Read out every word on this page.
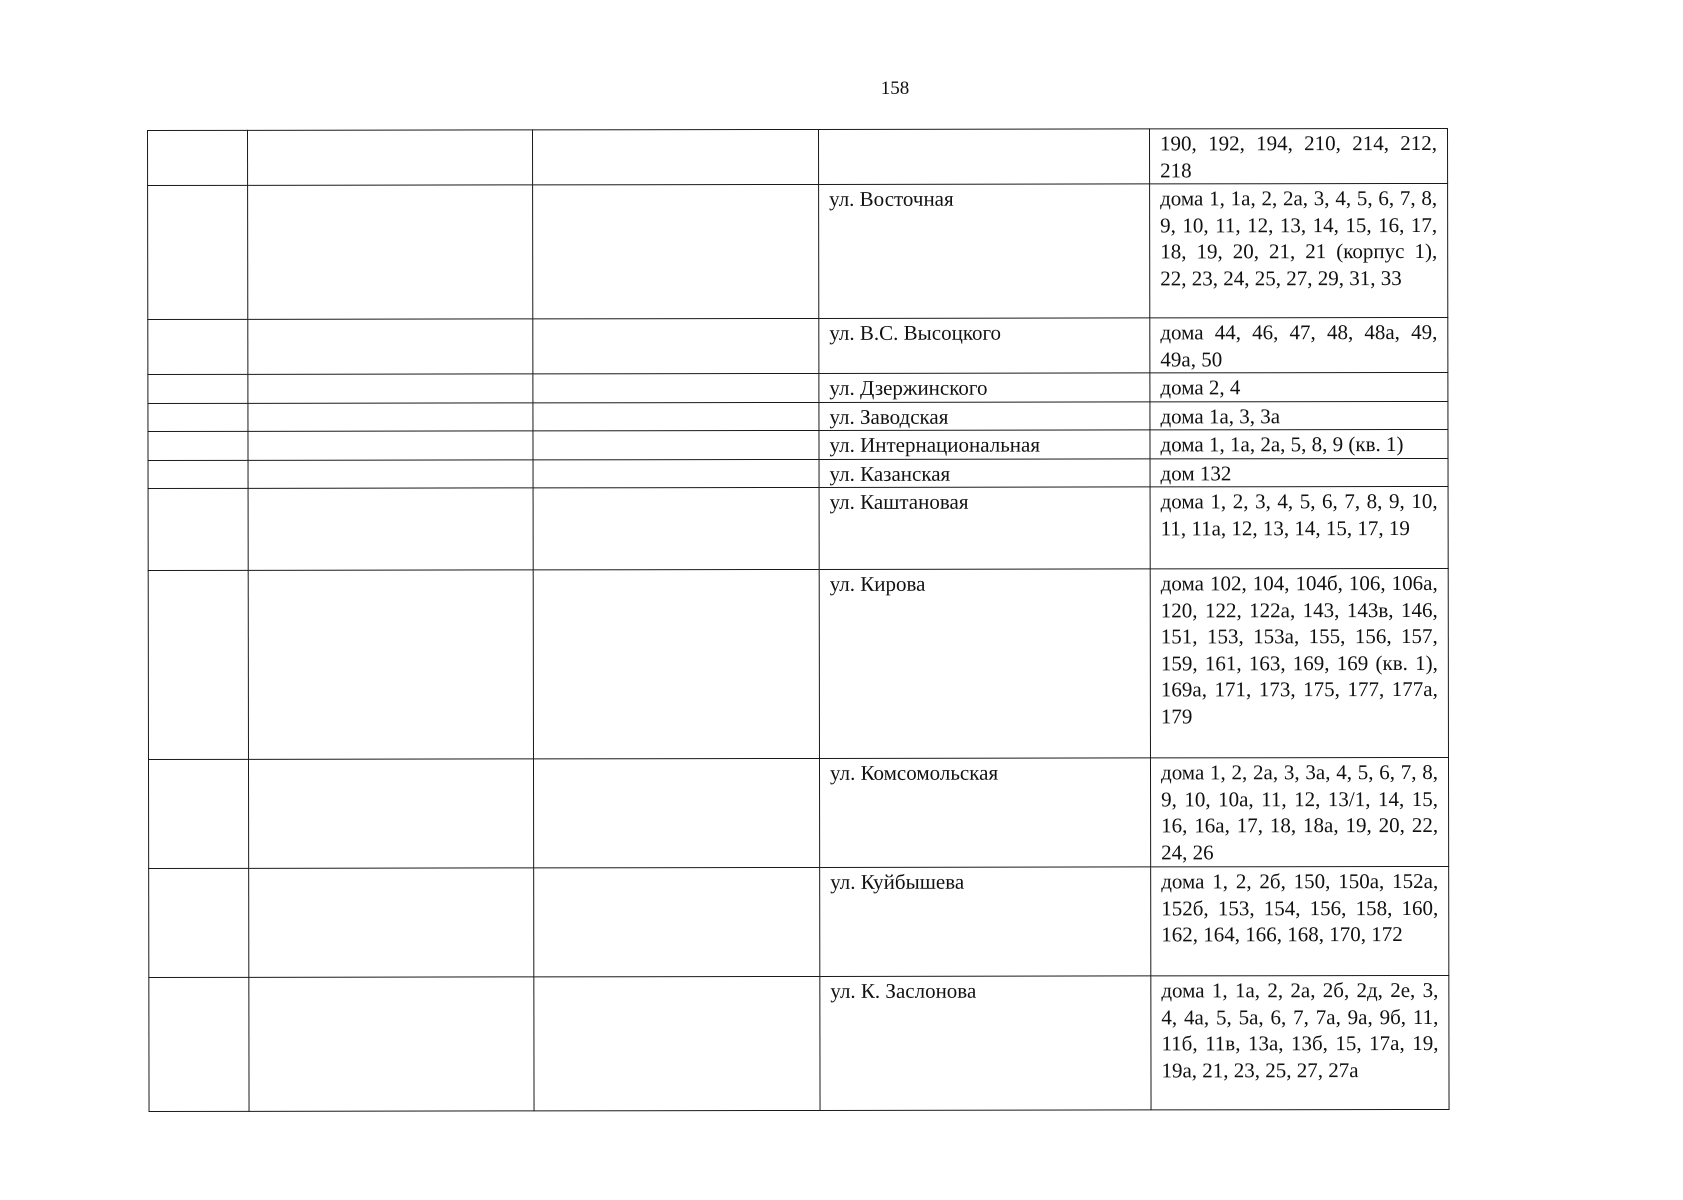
158
				190, 192, 194, 210, 214, 212, 218
			ул. Восточная	дома 1, 1а, 2, 2а, 3, 4, 5, 6, 7, 8, 9, 10, 11, 12, 13, 14, 15, 16, 17, 18, 19, 20, 21, 21 (корпус 1), 22, 23, 24, 25, 27, 29, 31, 33
			ул. В.С. Высоцкого	дома 44, 46, 47, 48, 48а, 49, 49а, 50
			ул. Дзержинского	дома 2, 4
			ул. Заводская	дома 1а, 3, 3а
			ул. Интернациональная	дома 1, 1а, 2а, 5, 8, 9 (кв. 1)
			ул. Казанская	дом 132
			ул. Каштановая	дома 1, 2, 3, 4, 5, 6, 7, 8, 9, 10, 11, 11а, 12, 13, 14, 15, 17, 19
			ул. Кирова	дома 102, 104, 104б, 106, 106а, 120, 122, 122а, 143, 143в, 146, 151, 153, 153а, 155, 156, 157, 159, 161, 163, 169, 169 (кв. 1), 169а, 171, 173, 175, 177, 177а, 179
			ул. Комсомольская	дома 1, 2, 2а, 3, 3а, 4, 5, 6, 7, 8, 9, 10, 10а, 11, 12, 13/1, 14, 15, 16, 16а, 17, 18, 18а, 19, 20, 22, 24, 26
			ул. Куйбышева	дома 1, 2, 2б, 150, 150а, 152а, 152б, 153, 154, 156, 158, 160, 162, 164, 166, 168, 170, 172
			ул. К. Заслонова	дома 1, 1а, 2, 2а, 2б, 2д, 2е, 3, 4, 4а, 5, 5а, 6, 7, 7а, 9а, 9б, 11, 11б, 11в, 13а, 13б, 15, 17а, 19, 19а, 21, 23, 25, 27, 27а
